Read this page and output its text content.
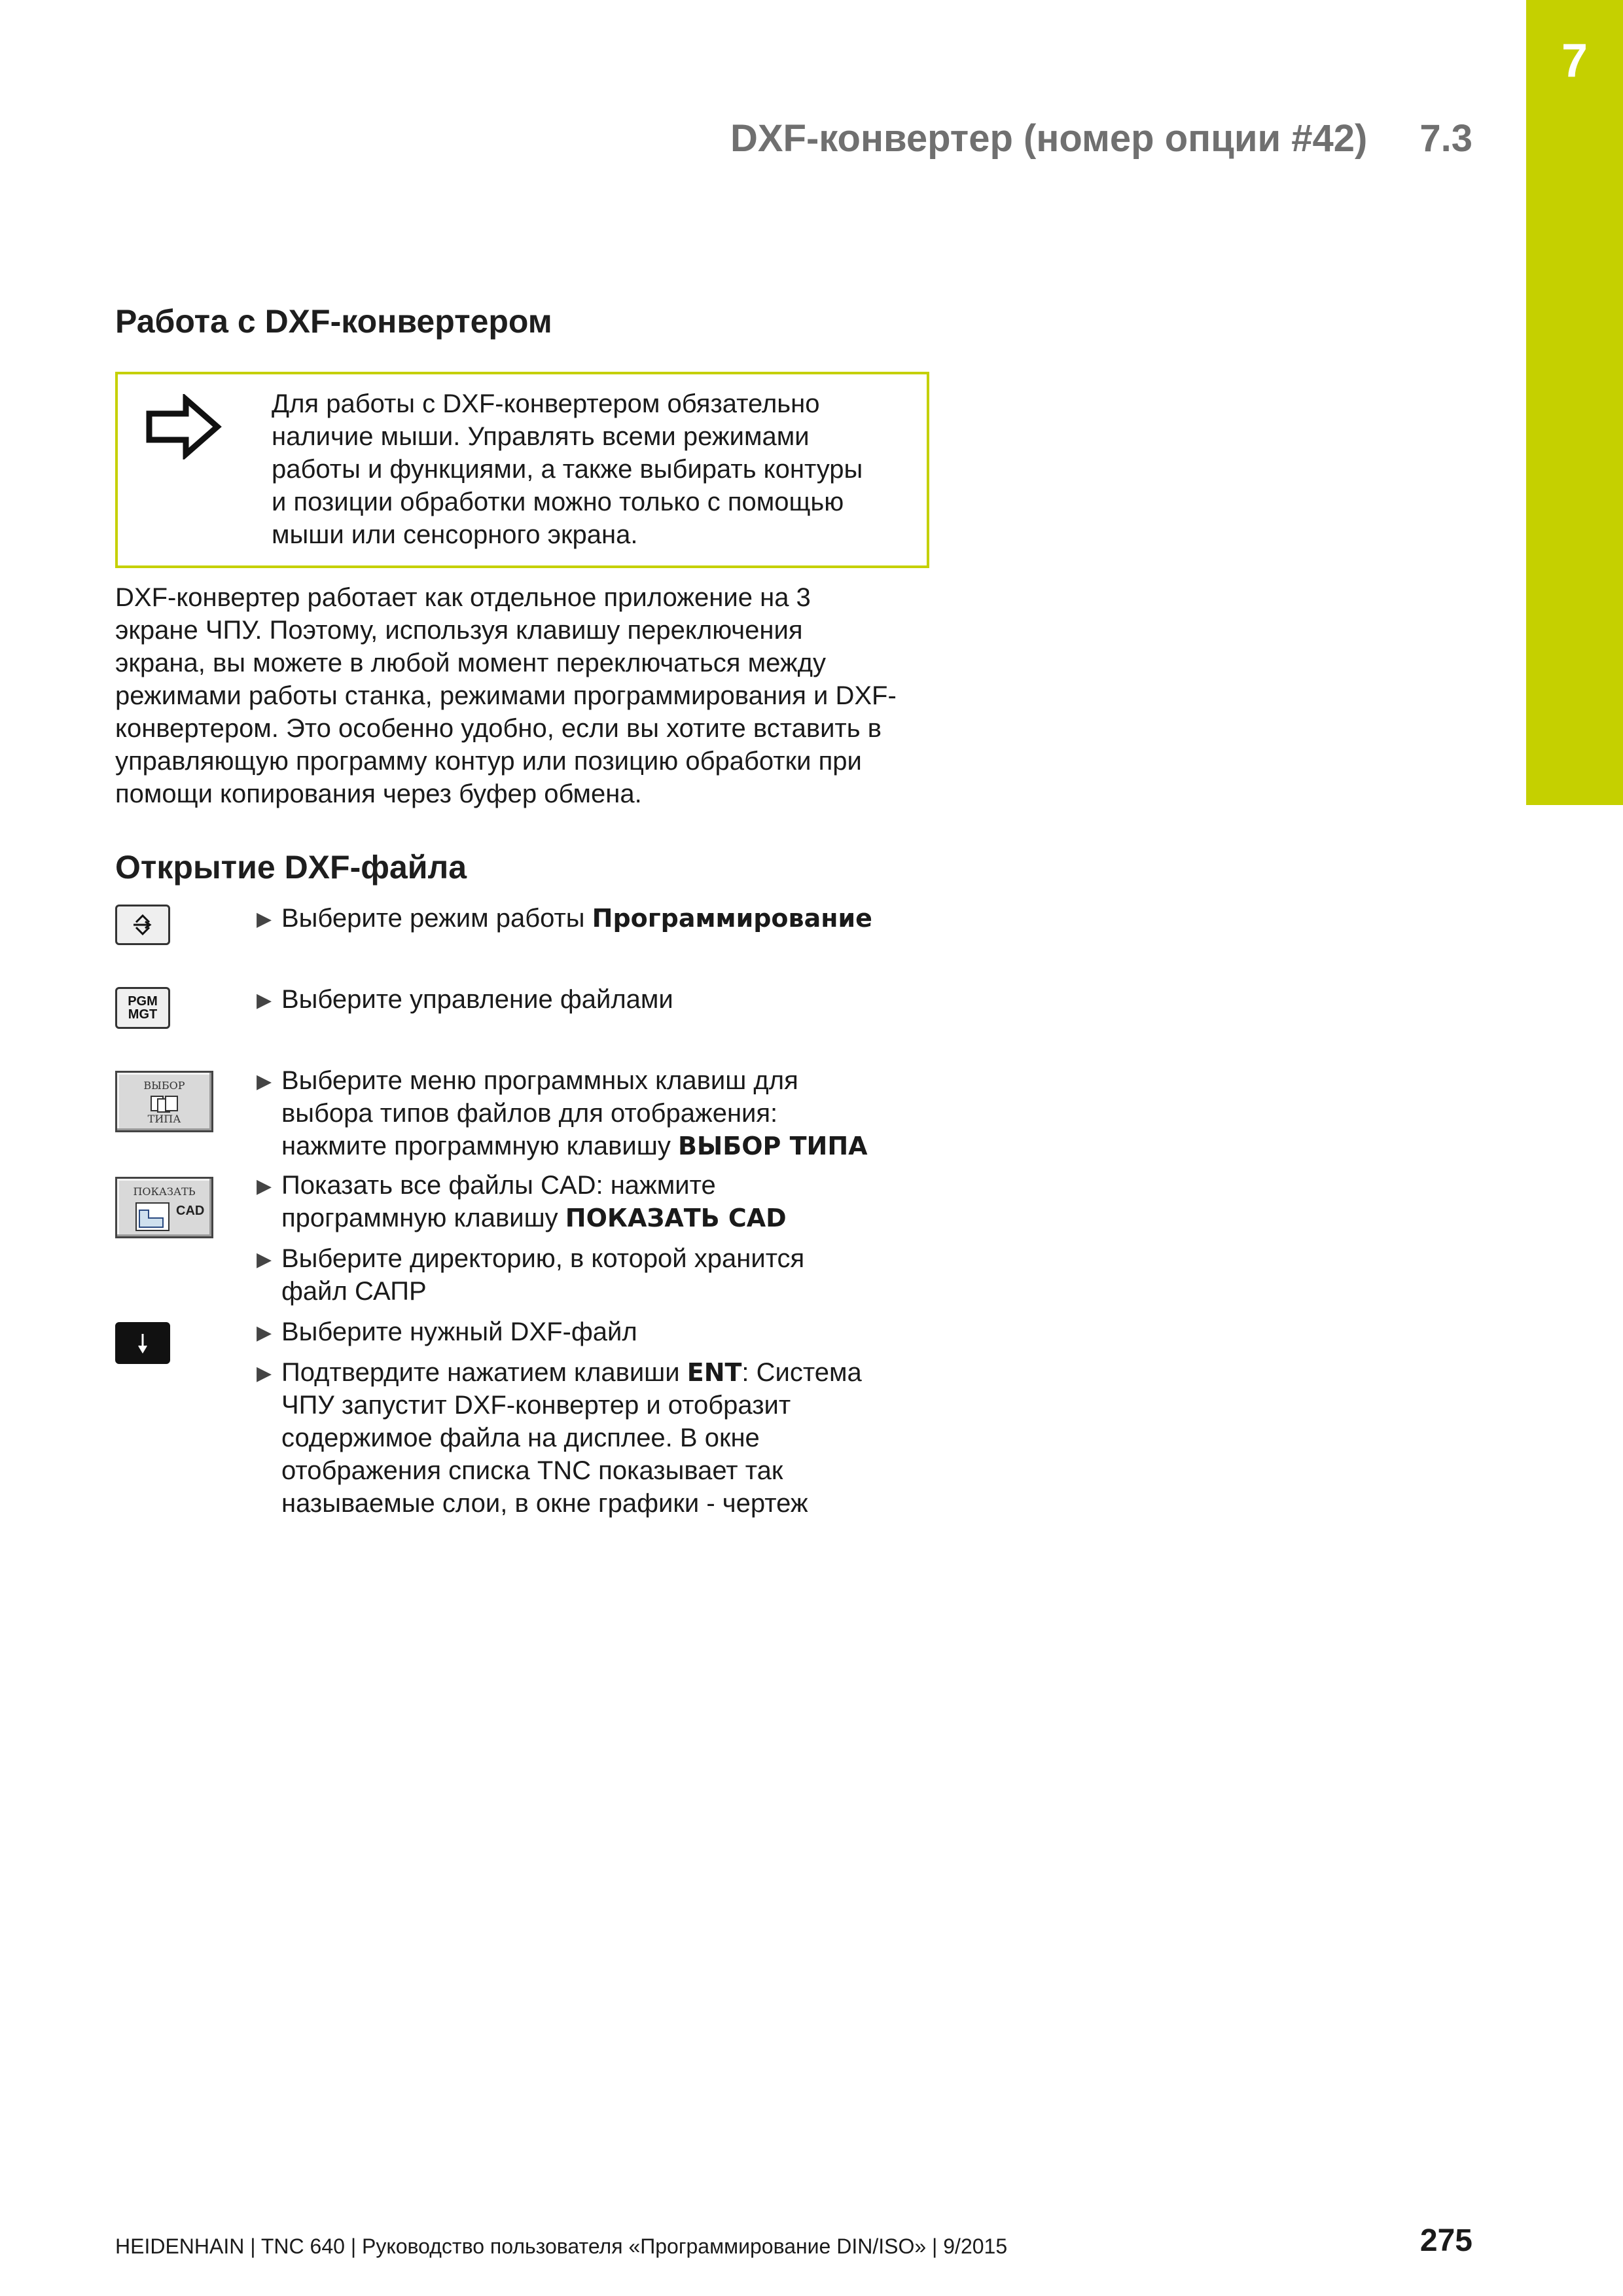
7
DXF-конвертер (номер опции #42) 7.3
Работа с DXF-конвертером
Для работы с DXF-конвертером обязательно
наличие мыши. Управлять всеми режимами
работы и функциями, а также выбирать контуры
и позиции обработки можно только с помощью
мыши или сенсорного экрана.
DXF-конвертер работает как отдельное приложение на 3
экране ЧПУ. Поэтому, используя клавишу переключения
экрана, вы можете в любой момент переключаться между
режимами работы станка, режимами программирования и DXF-
конвертером. Это особенно удобно, если вы хотите вставить в
управляющую программу контур или позицию обработки при
помощи копирования через буфер обмена.
Открытие DXF-файла
PGM
MGT
ВЫБОР
ТИПА
ПОКАЗАТЬ
CAD
▶ Выберите режим работы Программирование
▶ Выберите управление файлами
▶ Выберите меню программных клавиш для
выбора типов файлов для отображения:
нажмите программную клавишу ВЫБОР ТИПА
▶ Показать все файлы CAD: нажмите
программную клавишу ПОКАЗАТЬ CAD
▶ Выберите директорию, в которой хранится
файл САПР
▶ Выберите нужный DXF-файл
▶ Подтвердите нажатием клавиши ENT: Система
ЧПУ запустит DXF-конвертер и отобразит
содержимое файла на дисплее. В окне
отображения списка TNC показывает так
называемые слои, в окне графики - чертеж
HEIDENHAIN | TNC 640 | Руководство пользователя «Программирование DIN/ISO» | 9/2015	275
